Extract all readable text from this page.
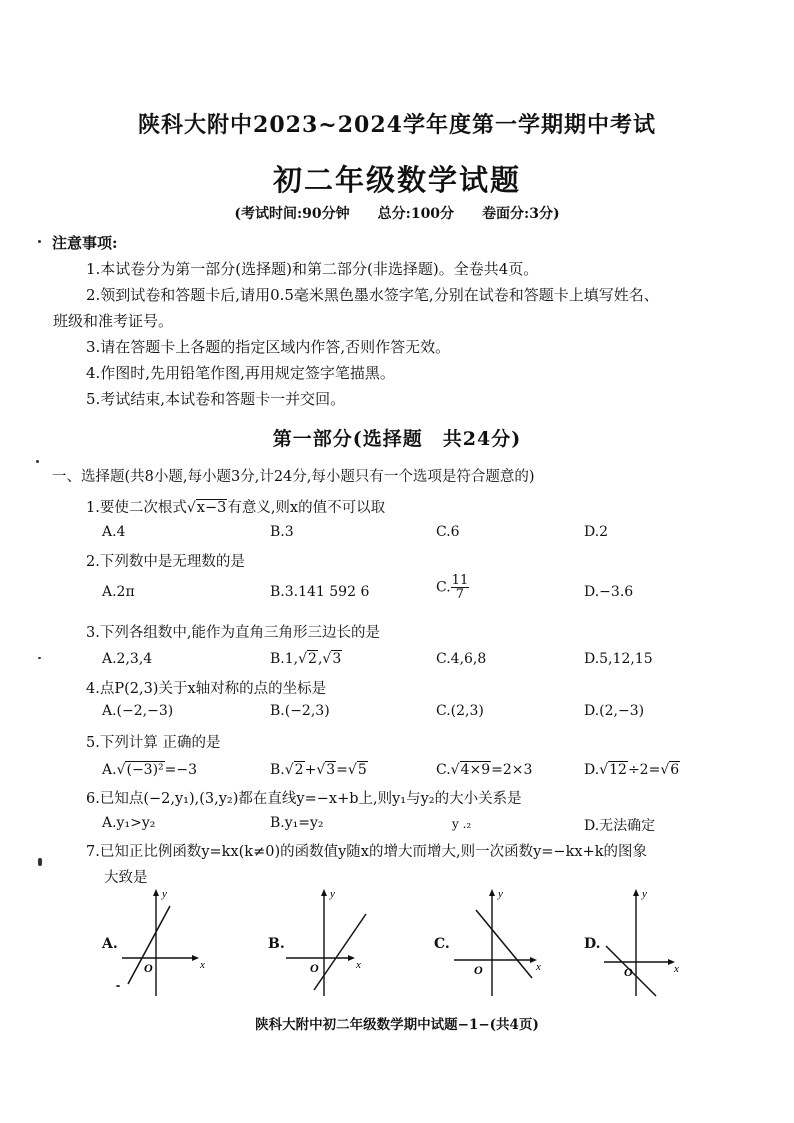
陕科大附中2023~2024学年度第一学期期中考试
初二年级数学试题
(考试时间:90分钟 总分:100分 卷面分:3分)
注意事项:
1.本试卷分为第一部分(选择题)和第二部分(非选择题)。全卷共4页。
2.领到试卷和答题卡后,请用0.5毫米黑色墨水签字笔,分别在试卷和答题卡上填写姓名、
班级和准考证号。
3.请在答题卡上各题的指定区域内作答,否则作答无效。
4.作图时,先用铅笔作图,再用规定签字笔描黑。
5.考试结束,本试卷和答题卡一并交回。
第一部分(选择题　共24分)
一、选择题(共8小题,每小题3分,计24分,每小题只有一个选项是符合题意的)
1.要使二次根式√x−3有意义,则x的值不可以取
A.4	B.3	C.6	D.2
2.下列数中是无理数的是
A.2π	B.3.141 592 6	C. $\frac{11}{7}$	D.−3.6
3.下列各组数中,能作为直角三角形三边长的是
A.2,3,4	B.1,√2,√3	C.4,6,8	D.5,12,15
4.点P(2,3)关于x轴对称的点的坐标是
A.(−2,−3)	B.(−2,3)	C.(2,3)	D.(2,−3)
5.下列计算 正确的是
A.√(−3)²=−3	B.√2+√3=√5	C.√4×9=2×3	D.√12÷2=√6
6.已知点(−2,y₁),(3,y₂)都在直线y=−x+b上,则y₁与y₂的大小关系是
A.y₁>y₂	B.y₁=y₂	y .₂	D.无法确定
7.已知正比例函数y=kx(k≠0)的函数值y随x的增大而增大,则一次函数y=−kx+k的图象
大致是
A.
y
x
O
B.
y
x
O
C.
y
x
O
D.
y
x
O
陕科大附中初二年级数学期中试题−1−(共4页)
